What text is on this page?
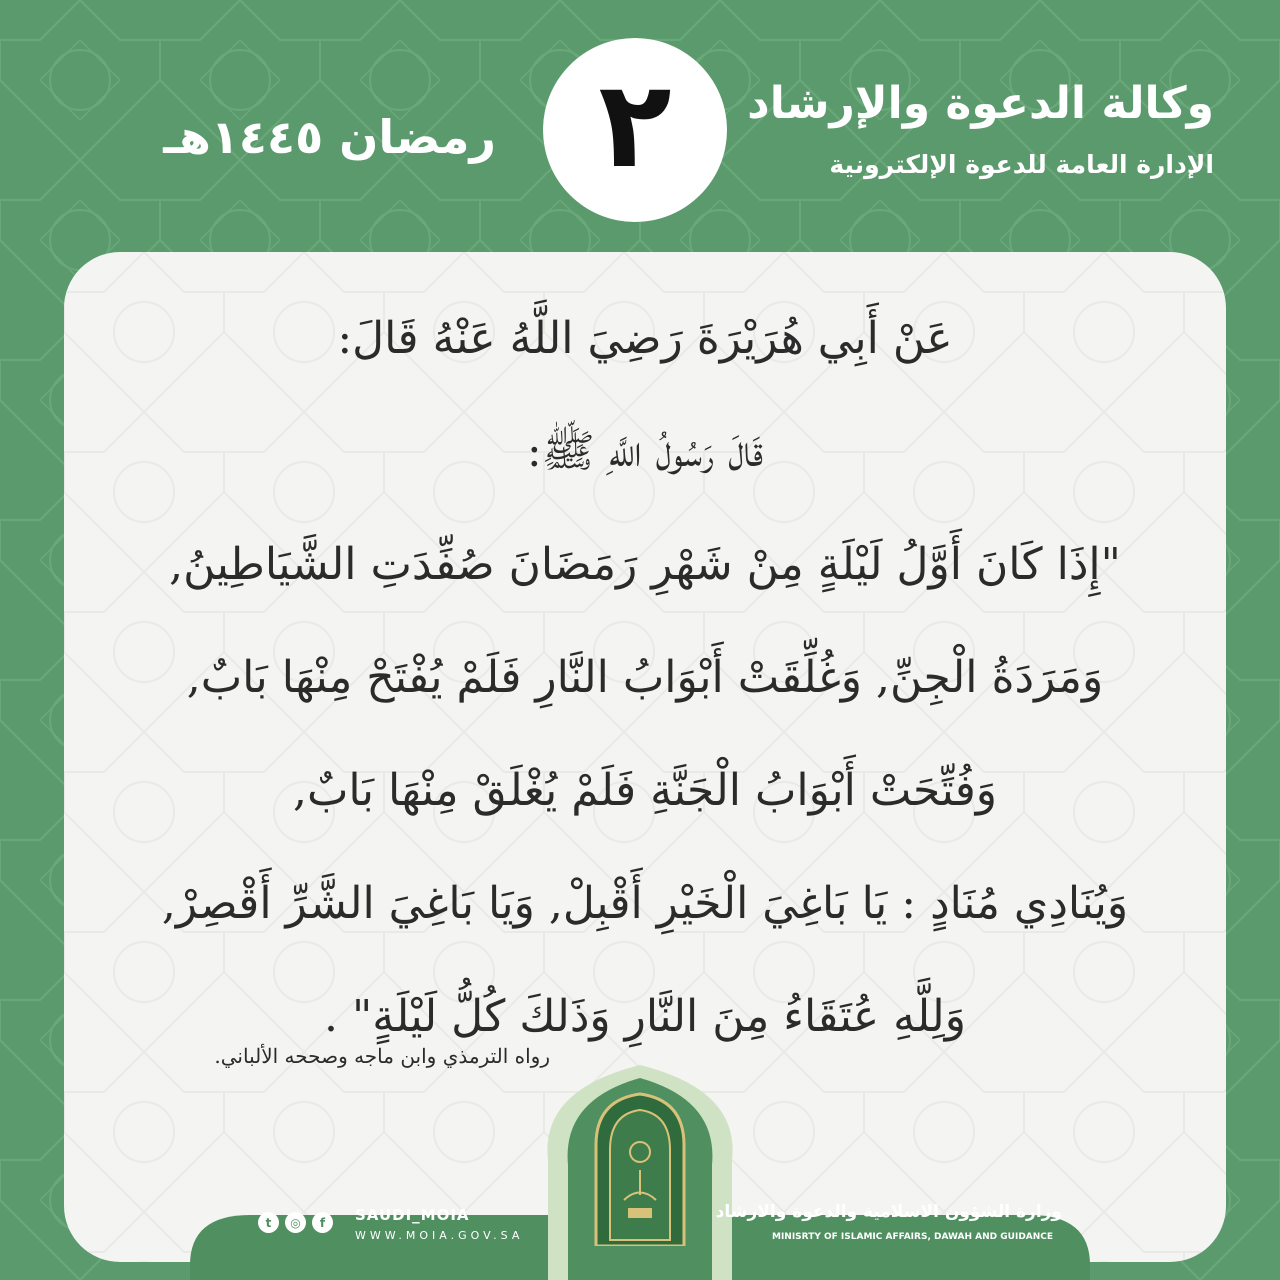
وكالة الدعوة والإرشاد
الإدارة العامة للدعوة الإلكترونية
٢
رمضان ١٤٤٥هـ
عَنْ أَبِي هُرَيْرَةَ رَضِيَ اللَّهُ عَنْهُ قَالَ:
قَالَ رَسُولُ اللَّهِ ﷺ:
"إِذَا كَانَ أَوَّلُ لَيْلَةٍ مِنْ شَهْرِ رَمَضَانَ صُفِّدَتِ الشَّيَاطِينُ,
وَمَرَدَةُ الْجِنِّ, وَغُلِّقَتْ أَبْوَابُ النَّارِ فَلَمْ يُفْتَحْ مِنْهَا بَابٌ,
وَفُتِّحَتْ أَبْوَابُ الْجَنَّةِ فَلَمْ يُغْلَقْ مِنْهَا بَابٌ,
وَيُنَادِي مُنَادٍ : يَا بَاغِيَ الْخَيْرِ أَقْبِلْ, وَيَا بَاغِيَ الشَّرِّ أَقْصِرْ,
وَلِلَّهِ عُتَقَاءُ مِنَ النَّارِ وَذَلكَ كُلُّ لَيْلَةٍ" .
رواه الترمذي وابن ماجه وصححه الألباني.
t	◎	f	SAUDI_MOIA
WWW.MOIA.GOV.SA
وزارة الشؤون الاسلامية والدعوة والارشاد
MINISRTY OF ISLAMIC AFFAIRS, DAWAH AND GUIDANCE
